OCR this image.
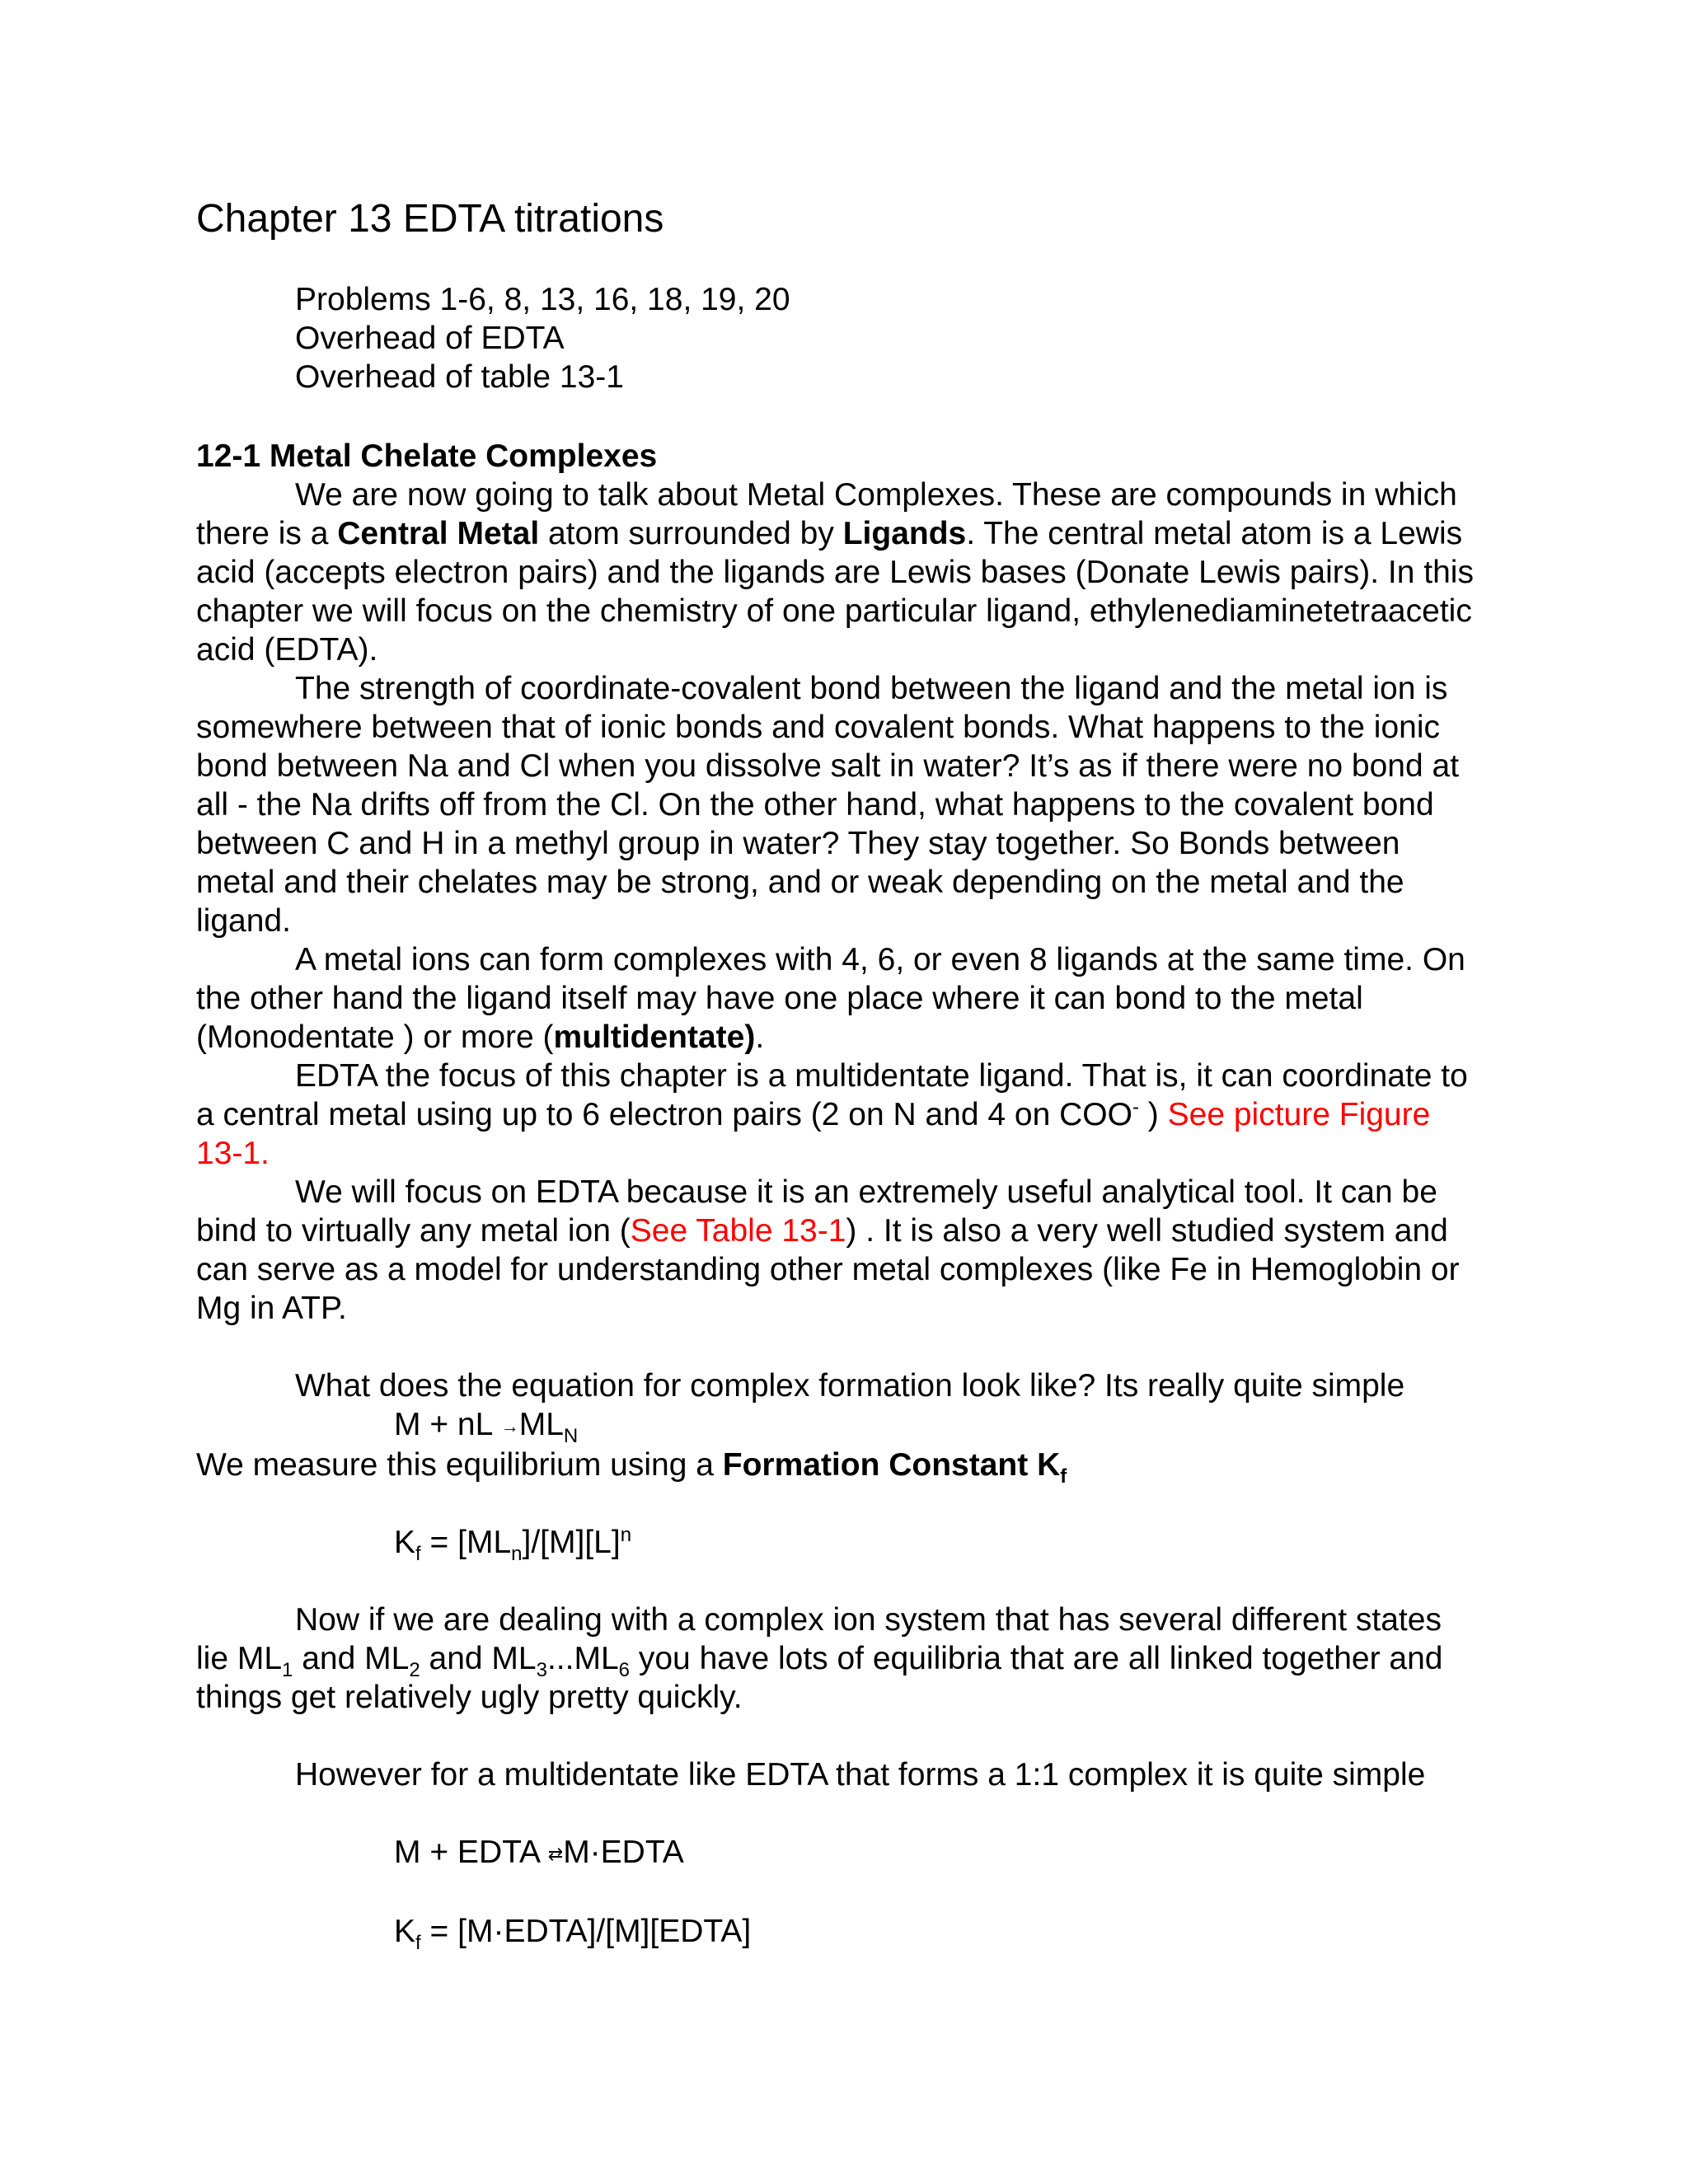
Chapter 13 EDTA titrations
Problems 1-6, 8, 13, 16, 18, 19, 20
Overhead of EDTA
Overhead of table 13-1
12-1 Metal Chelate Complexes

We are now going to talk about Metal Complexes. These are compounds in which there is a Central Metal atom surrounded by Ligands. The central metal atom is a Lewis acid (accepts electron pairs) and the ligands are Lewis bases (Donate Lewis pairs). In this chapter we will focus on the chemistry of one particular ligand, ethylenediaminetetraacetic acid (EDTA).

The strength of coordinate-covalent bond between the ligand and the metal ion is somewhere between that of ionic bonds and covalent bonds. What happens to the ionic bond between Na and Cl when you dissolve salt in water? It’s as if there were no bond at all - the Na drifts off from the Cl. On the other hand, what happens to the covalent bond between C and H in a methyl group in water? They stay together. So Bonds between metal and their chelates may be strong, and or weak depending on the metal and the ligand.

A metal ions can form complexes with 4, 6, or even 8 ligands at the same time. On the other hand the ligand itself may have one place where it can bond to the metal (Monodentate ) or more (multidentate).

EDTA the focus of this chapter is a multidentate ligand. That is, it can coordinate to a central metal using up to 6 electron pairs (2 on N and 4 on COO- ) See picture Figure 13-1.

We will focus on EDTA because it is an extremely useful analytical tool. It can be bind to virtually any metal ion (See Table 13-1) . It is also a very well studied system and can serve as a model for understanding other metal complexes (like Fe in Hemoglobin or Mg in ATP.

What does the equation for complex formation look like? Its really quite simple

M + nL $\to ML_N$

We measure this equilibrium using a Formation Constant $K_f$

$K_f = [ML_n]/[M][L]^n$

Now if we are dealing with a complex ion system that has several different states lie $ML_1$ and $ML_2$ and $ML_3...ML_6$ you have lots of equilibria that are all linked together and things get relatively ugly pretty quickly.

However for a multidentate like EDTA that forms a 1:1 complex it is quite simple

M + EDTA ⇄M·EDTA
$K_f$ = [M·EDTA]/[M][EDTA]
